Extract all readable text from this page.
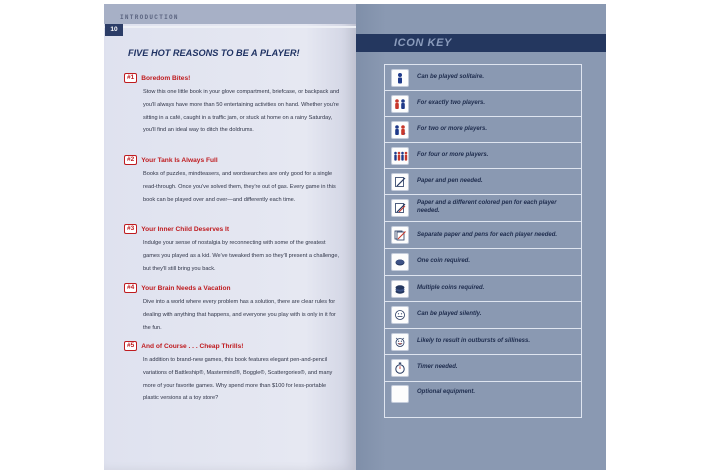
INTRODUCTION
10
FIVE HOT REASONS TO BE A PLAYER!
#1	Boredom Bites!
Stow this one little book in your glove compartment, briefcase, or backpack and you'll always have more than 50 entertaining activities on hand. Whether you're sitting in a café, caught in a traffic jam, or stuck at home on a rainy Saturday, you'll find an ideal way to ditch the doldrums.
#2	Your Tank Is Always Full
Books of puzzles, mindteasers, and wordsearches are only good for a single read-through. Once you've solved them, they're out of gas. Every game in this book can be played over and over—and differently each time.
#3	Your Inner Child Deserves It
Indulge your sense of nostalgia by reconnecting with some of the greatest games you played as a kid. We've tweaked them so they'll present a challenge, but they'll still bring you back.
#4	Your Brain Needs a Vacation
Dive into a world where every problem has a solution, there are clear rules for dealing with anything that happens, and everyone you play with is only in it for the fun.
#5	And of Course . . . Cheap Thrills!
In addition to brand-new games, this book features elegant pen-and-pencil variations of Battleship®, Mastermind®, Boggle®, Scattergories®, and many more of your favorite games. Why spend more than $100 for less-portable plastic versions at a toy store?
ICON KEY
Can be played solitaire.
For exactly two players.
+
For two or more players.
For four or more players.
Paper and pen needed.
Paper and a different colored pen for each player needed.
Separate paper and pens for each player needed.
One coin required.
Multiple coins required.
Can be played silently.
Likely to result in outbursts of silliness.
Timer needed.
Optional equipment.
